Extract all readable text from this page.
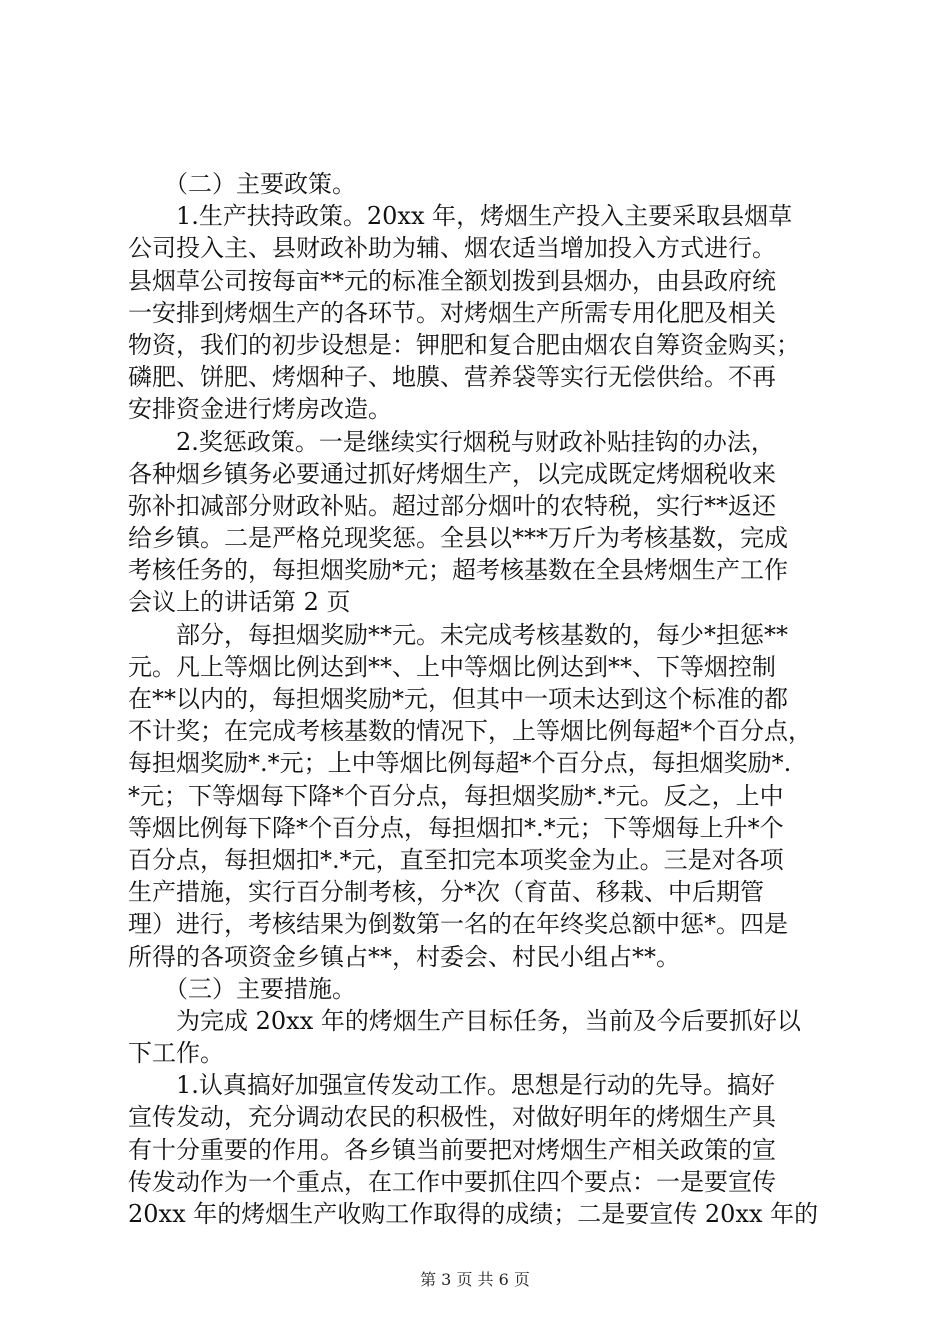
　　（二）主要政策。
　　1.生产扶持政策。20xx 年，烤烟生产投入主要采取县烟草
公司投入主、县财政补助为辅、烟农适当增加投入方式进行。
县烟草公司按每亩**元的标准全额划拨到县烟办，由县政府统
一安排到烤烟生产的各环节。对烤烟生产所需专用化肥及相关
物资，我们的初步设想是：钾肥和复合肥由烟农自筹资金购买；
磷肥、饼肥、烤烟种子、地膜、营养袋等实行无偿供给。不再
安排资金进行烤房改造。
　　2.奖惩政策。一是继续实行烟税与财政补贴挂钩的办法，
各种烟乡镇务必要通过抓好烤烟生产，以完成既定烤烟税收来
弥补扣减部分财政补贴。超过部分烟叶的农特税，实行**返还
给乡镇。二是严格兑现奖惩。全县以***万斤为考核基数，完成
考核任务的，每担烟奖励*元；超考核基数在全县烤烟生产工作
会议上的讲话第 2 页
　　部分，每担烟奖励**元。未完成考核基数的，每少*担惩**
元。凡上等烟比例达到**、上中等烟比例达到**、下等烟控制
在**以内的，每担烟奖励*元，但其中一项未达到这个标准的都
不计奖；在完成考核基数的情况下，上等烟比例每超*个百分点，
每担烟奖励*.*元；上中等烟比例每超*个百分点，每担烟奖励*.
*元；下等烟每下降*个百分点，每担烟奖励*.*元。反之，上中
等烟比例每下降*个百分点，每担烟扣*.*元；下等烟每上升*个
百分点，每担烟扣*.*元，直至扣完本项奖金为止。三是对各项
生产措施，实行百分制考核，分*次（育苗、移栽、中后期管
理）进行，考核结果为倒数第一名的在年终奖总额中惩*。四是
所得的各项资金乡镇占**，村委会、村民小组占**。
　　（三）主要措施。
　　为完成 20xx 年的烤烟生产目标任务，当前及今后要抓好以
下工作。
　　1.认真搞好加强宣传发动工作。思想是行动的先导。搞好
宣传发动，充分调动农民的积极性，对做好明年的烤烟生产具
有十分重要的作用。各乡镇当前要把对烤烟生产相关政策的宣
传发动作为一个重点，在工作中要抓住四个要点：一是要宣传
20xx 年的烤烟生产收购工作取得的成绩；二是要宣传 20xx 年的
第 3 页 共 6 页
